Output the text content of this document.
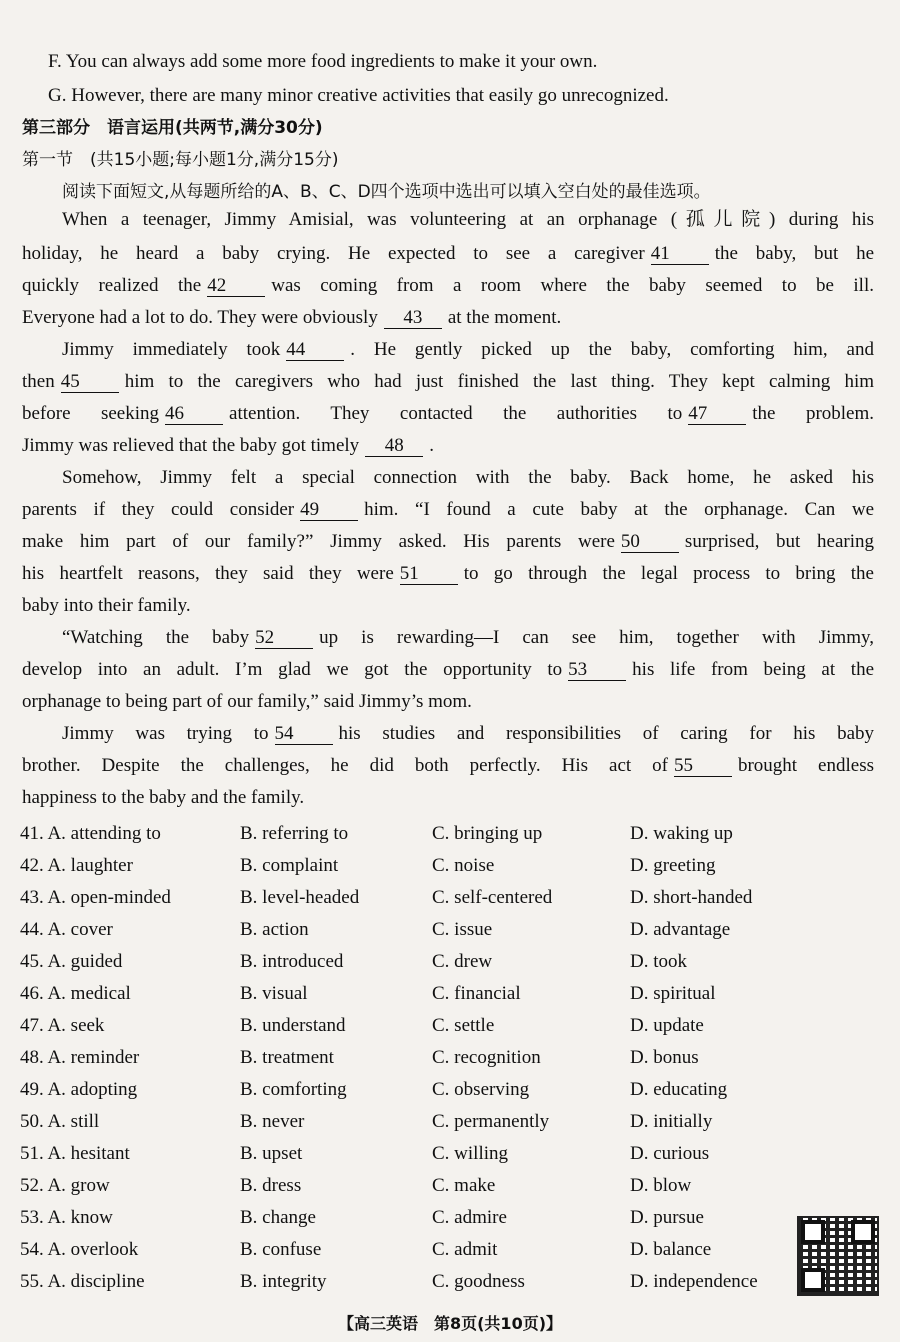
F. You can always add some more food ingredients to make it your own.
G. However, there are many minor creative activities that easily go unrecognized.
第三部分　语言运用(共两节,满分30分)
第一节　(共15小题;每小题1分,满分15分)
阅读下面短文,从每题所给的A、B、C、D四个选项中选出可以填入空白处的最佳选项。
When a teenager, Jimmy Amisial, was volunteering at an orphanage (孤儿院) during his
holiday, he heard a baby crying. He expected to see a caregiver 41 the baby, but he
quickly realized the 42 was coming from a room where the baby seemed to be ill.
Everyone had a lot to do. They were obviously 43 at the moment.
Jimmy immediately took 44 . He gently picked up the baby, comforting him, and
then 45 him to the caregivers who had just finished the last thing. They kept calming him
before seeking 46 attention. They contacted the authorities to 47 the problem.
Jimmy was relieved that the baby got timely 48 .
Somehow, Jimmy felt a special connection with the baby. Back home, he asked his
parents if they could consider 49 him. “I found a cute baby at the orphanage. Can we
make him part of our family?” Jimmy asked. His parents were 50 surprised, but hearing
his heartfelt reasons, they said they were 51 to go through the legal process to bring the
baby into their family.
“Watching the baby 52 up is rewarding—I can see him, together with Jimmy,
develop into an adult. I’m glad we got the opportunity to 53 his life from being at the
orphanage to being part of our family,” said Jimmy’s mom.
Jimmy was trying to 54 his studies and responsibilities of caring for his baby
brother. Despite the challenges, he did both perfectly. His act of 55 brought endless
happiness to the baby and the family.
41. A. attending to	B. referring to	C. bringing up	D. waking up
42. A. laughter	B. complaint	C. noise	D. greeting
43. A. open-minded	B. level-headed	C. self-centered	D. short-handed
44. A. cover	B. action	C. issue	D. advantage
45. A. guided	B. introduced	C. drew	D. took
46. A. medical	B. visual	C. financial	D. spiritual
47. A. seek	B. understand	C. settle	D. update
48. A. reminder	B. treatment	C. recognition	D. bonus
49. A. adopting	B. comforting	C. observing	D. educating
50. A. still	B. never	C. permanently	D. initially
51. A. hesitant	B. upset	C. willing	D. curious
52. A. grow	B. dress	C. make	D. blow
53. A. know	B. change	C. admire	D. pursue
54. A. overlook	B. confuse	C. admit	D. balance
55. A. discipline	B. integrity	C. goodness	D. independence
【高三英语　第8页(共10页)】
